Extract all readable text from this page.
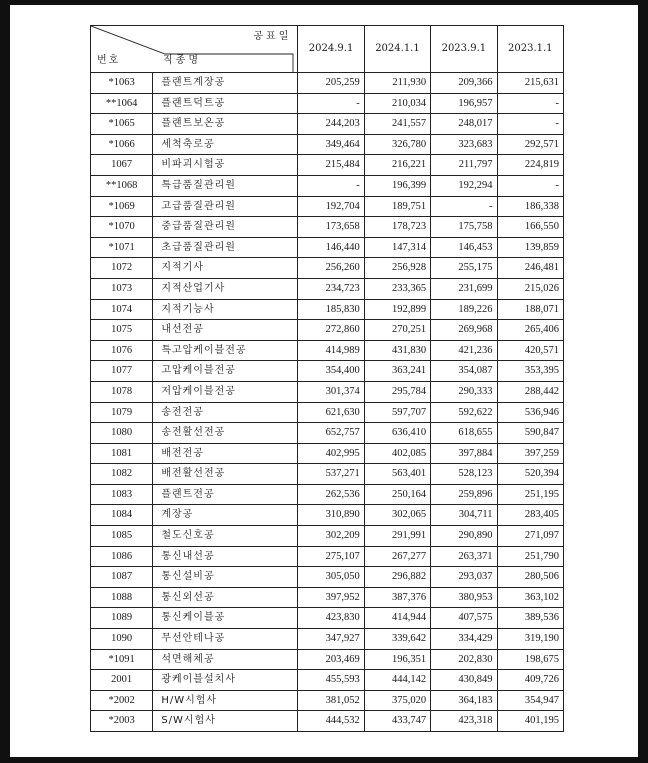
공표일
번호 직종명		2024.9.1	2024.1.1	2023.9.1	2023.1.1
*1063	플랜트계장공	205,259	211,930	209,366	215,631
**1064	플랜트덕트공	-	210,034	196,957	-
*1065	플랜트보온공	244,203	241,557	248,017	-
*1066	세척축로공	349,464	326,780	323,683	292,571
1067	비파괴시험공	215,484	216,221	211,797	224,819
**1068	특급품질관리원	-	196,399	192,294	-
*1069	고급품질관리원	192,704	189,751	-	186,338
*1070	중급품질관리원	173,658	178,723	175,758	166,550
*1071	초급품질관리원	146,440	147,314	146,453	139,859
1072	지적기사	256,260	256,928	255,175	246,481
1073	지적산업기사	234,723	233,365	231,699	215,026
1074	지적기능사	185,830	192,899	189,226	188,071
1075	내선전공	272,860	270,251	269,968	265,406
1076	특고압케이블전공	414,989	431,830	421,236	420,571
1077	고압케이블전공	354,400	363,241	354,087	353,395
1078	저압케이블전공	301,374	295,784	290,333	288,442
1079	송전전공	621,630	597,707	592,622	536,946
1080	송전활선전공	652,757	636,410	618,655	590,847
1081	배전전공	402,995	402,085	397,884	397,259
1082	배전활선전공	537,271	563,401	528,123	520,394
1083	플랜트전공	262,536	250,164	259,896	251,195
1084	계장공	310,890	302,065	304,711	283,405
1085	철도신호공	302,209	291,991	290,890	271,097
1086	통신내선공	275,107	267,277	263,371	251,790
1087	통신설비공	305,050	296,882	293,037	280,506
1088	통신외선공	397,952	387,376	380,953	363,102
1089	통신케이블공	423,830	414,944	407,575	389,536
1090	무선안테나공	347,927	339,642	334,429	319,190
*1091	석면해체공	203,469	196,351	202,830	198,675
2001	광케이블설치사	455,593	444,142	430,849	409,726
*2002	H/W시험사	381,052	375,020	364,183	354,947
*2003	S/W시험사	444,532	433,747	423,318	401,195
